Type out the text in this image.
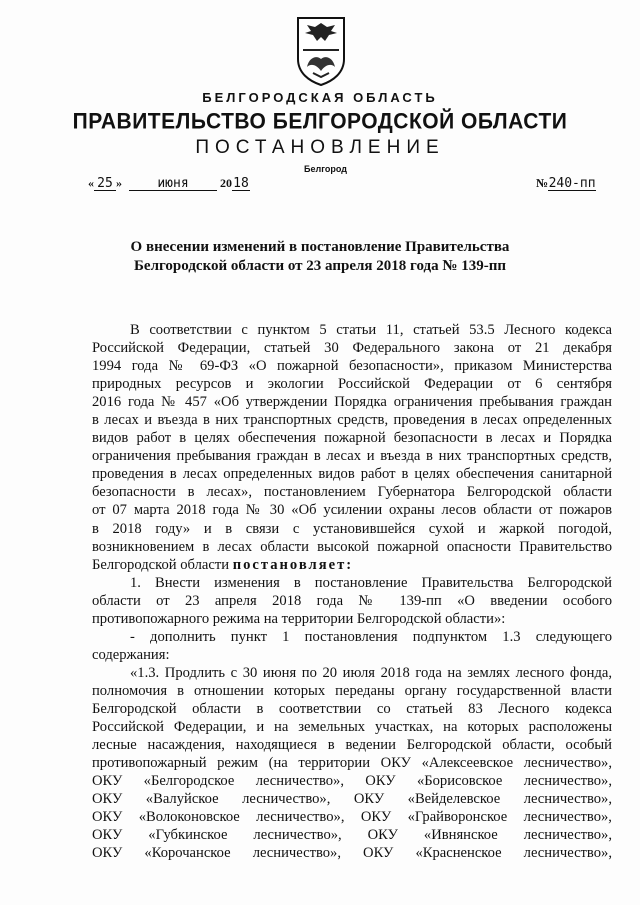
БЕЛГОРОДСКАЯ ОБЛАСТЬ
ПРАВИТЕЛЬСТВО БЕЛГОРОДСКОЙ ОБЛАСТИ
ПОСТАНОВЛЕНИЕ
Белгород
« 25 »	июня	2018	№240-пп
О внесении изменений в постановление Правительства
Белгородской области от 23 апреля 2018 года № 139-пп
В соответствии с пунктом 5 статьи 11, статьей 53.5 Лесного кодекса
Российской Федерации, статьей 30 Федерального закона от 21 декабря
1994 года № 69-ФЗ «О пожарной безопасности», приказом Министерства
природных ресурсов и экологии Российской Федерации от 6 сентября
2016 года № 457 «Об утверждении Порядка ограничения пребывания граждан
в лесах и въезда в них транспортных средств, проведения в лесах определенных
видов работ в целях обеспечения пожарной безопасности в лесах и Порядка
ограничения пребывания граждан в лесах и въезда в них транспортных средств,
проведения в лесах определенных видов работ в целях обеспечения санитарной
безопасности в лесах», постановлением Губернатора Белгородской области
от 07 марта 2018 года № 30 «Об усилении охраны лесов области от пожаров
в 2018 году» и в связи с установившейся сухой и жаркой погодой,
возникновением в лесах области высокой пожарной опасности Правительство
Белгородской области постановляет:
1. Внести изменения в постановление Правительства Белгородской
области от 23 апреля 2018 года № 139-пп «О введении особого
противопожарного режима на территории Белгородской области»:
- дополнить пункт 1 постановления подпунктом 1.3 следующего
содержания:
«1.3. Продлить с 30 июня по 20 июля 2018 года на землях лесного фонда,
полномочия в отношении которых переданы органу государственной власти
Белгородской области в соответствии со статьей 83 Лесного кодекса
Российской Федерации, и на земельных участках, на которых расположены
лесные насаждения, находящиеся в ведении Белгородской области, особый
противопожарный режим (на территории ОКУ «Алексеевское лесничество»,
ОКУ «Белгородское лесничество», ОКУ «Борисовское лесничество»,
ОКУ «Валуйское лесничество», ОКУ «Вейделевское лесничество»,
ОКУ «Волоконовское лесничество», ОКУ «Грайворонское лесничество»,
ОКУ «Губкинское лесничество», ОКУ «Ивнянское лесничество»,
ОКУ «Корочанское лесничество», ОКУ «Красненское лесничество»,
